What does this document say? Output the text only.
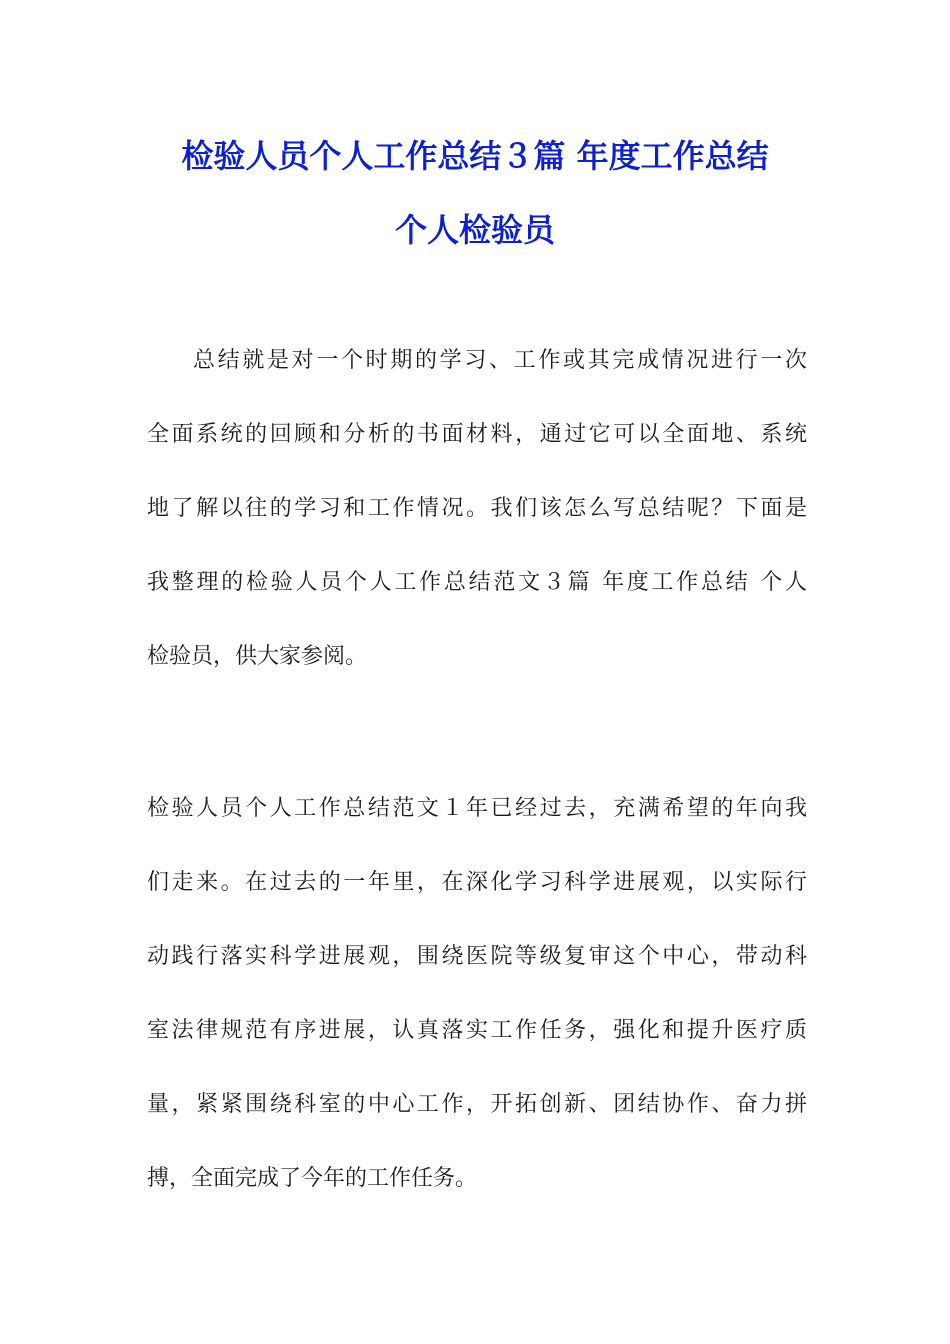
检验人员个人工作总结３篇 年度工作总结
个人检验员
总结就是对一个时期的学习、工作或其完成情况进行一次
全面系统的回顾和分析的书面材料，通过它可以全面地、系统
地了解以往的学习和工作情况。我们该怎么写总结呢？下面是
我整理的检验人员个人工作总结范文３篇 年度工作总结 个人
检验员，供大家参阅。
检验人员个人工作总结范文１年已经过去，充满希望的年向我
们走来。在过去的一年里，在深化学习科学进展观，以实际行
动践行落实科学进展观，围绕医院等级复审这个中心，带动科
室法律规范有序进展，认真落实工作任务，强化和提升医疗质
量，紧紧围绕科室的中心工作，开拓创新、团结协作、奋力拼
搏，全面完成了今年的工作任务。
